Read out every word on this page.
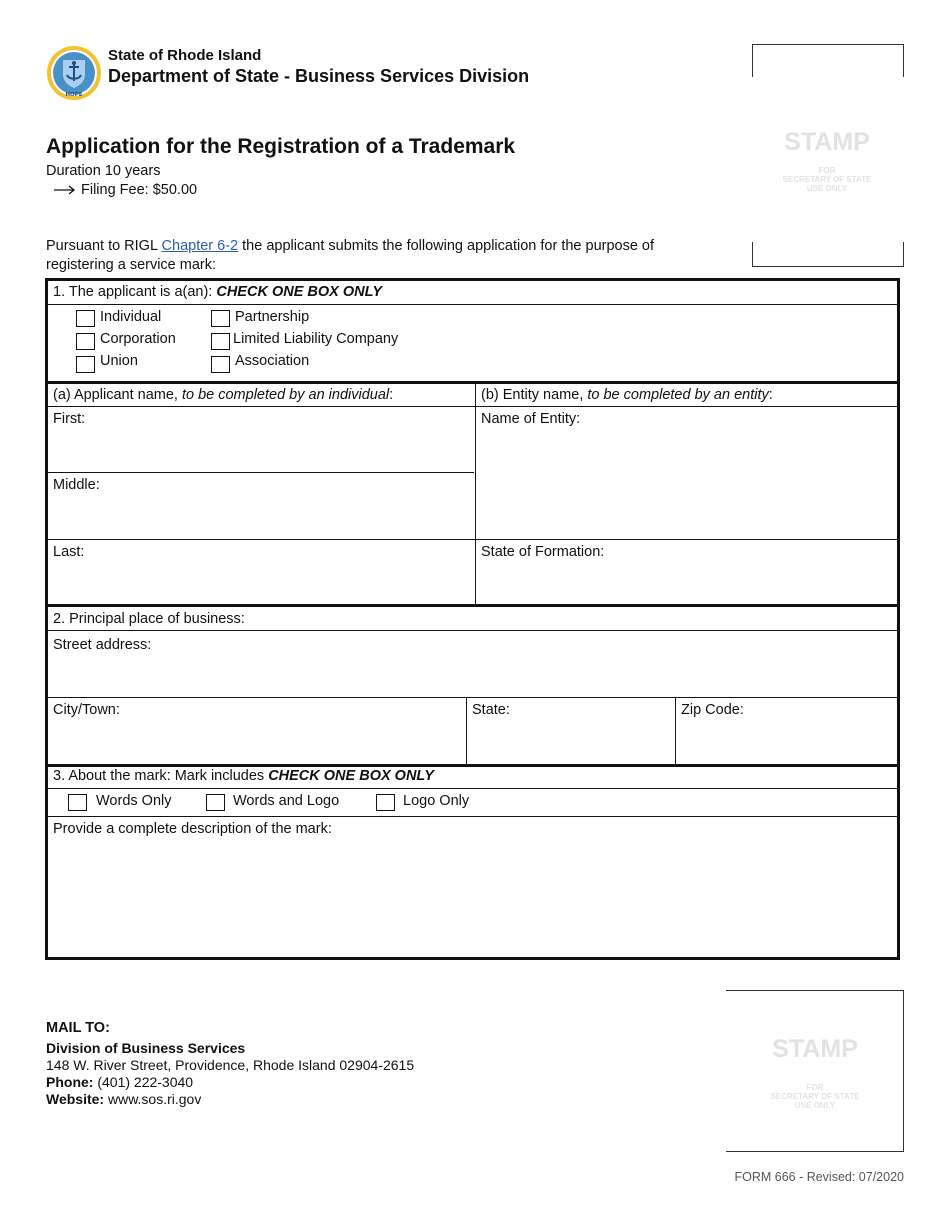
HOPE
State of Rhode Island
Department of State - Business Services Division
Application for the Registration of a Trademark
Duration 10 years
Filing Fee: $50.00
Pursuant to RIGL Chapter 6-2 the applicant submits the following application for the purpose of registering a service mark:
STAMP
FOR
SECRETARY OF STATE
USE ONLY
1. The applicant is a(an): CHECK ONE BOX ONLY
Individual	Partnership
Corporation	Limited Liability Company
Union	Association
(a) Applicant name, to be completed by an individual:	(b) Entity name, to be completed by an entity:
First:	Name of Entity:
Middle:
Last:	State of Formation:
2. Principal place of business:
Street address:
City/Town:	State:	Zip Code:
3. About the mark: Mark includes CHECK ONE BOX ONLY
Words Only	Words and Logo	Logo Only
Provide a complete description of the mark:
MAIL TO:
Division of Business Services
148 W. River Street, Providence, Rhode Island 02904-2615
Phone: (401) 222-3040
Website: www.sos.ri.gov
STAMP
FOR
SECRETARY OF STATE
USE ONLY
FORM 666 - Revised: 07/2020
